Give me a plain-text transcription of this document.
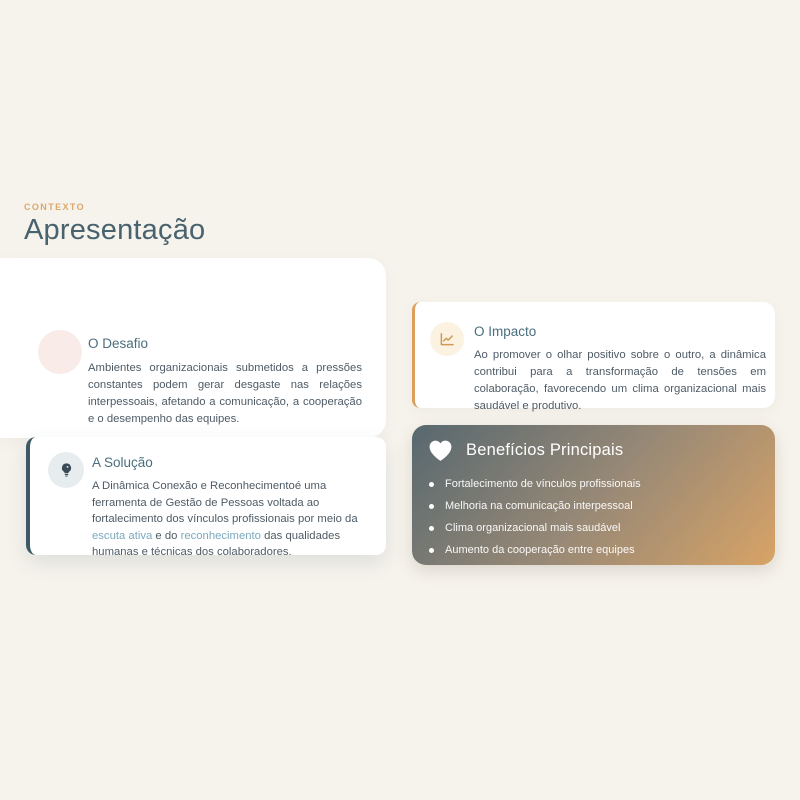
CONTEXTO
Apresentação
O Desafio
Ambientes organizacionais submetidos a pressões constantes podem gerar desgaste nas relações interpessoais, afetando a comunicação, a cooperação e o desempenho das equipes.
A Solução
A Dinâmica Conexão e Reconhecimentoé uma ferramenta de Gestão de Pessoas voltada ao fortalecimento dos vínculos profissionais por meio da escuta ativa e do reconhecimento das qualidades humanas e técnicas dos colaboradores.
O Impacto
Ao promover o olhar positivo sobre o outro, a dinâmica contribui para a transformação de tensões em colaboração, favorecendo um clima organizacional mais saudável e produtivo.
Benefícios Principais
Fortalecimento de vínculos profissionais
Melhoria na comunicação interpessoal
Clima organizacional mais saudável
Aumento da cooperação entre equipes
